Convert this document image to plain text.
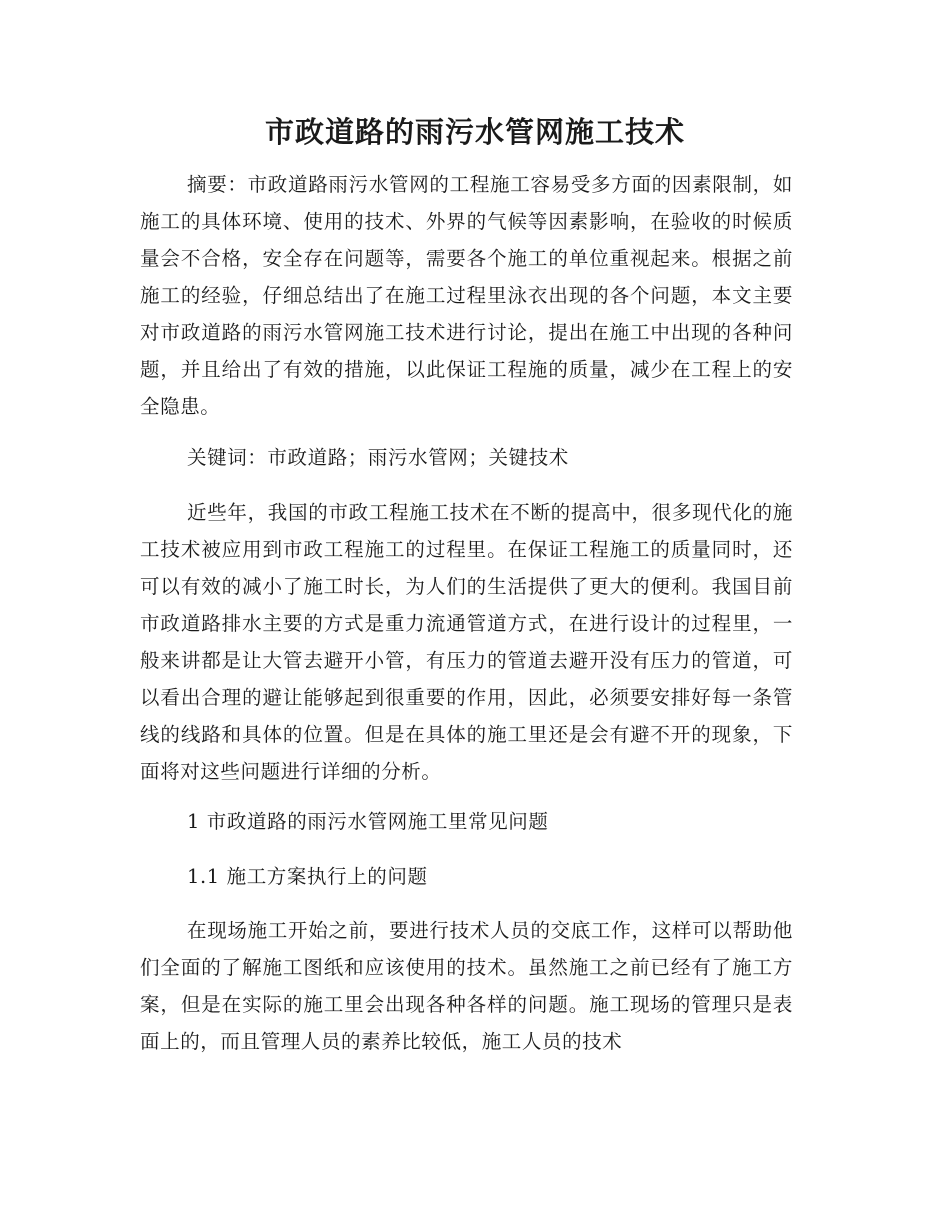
市政道路的雨污水管网施工技术

摘要：市政道路雨污水管网的工程施工容易受多方面的因素限制，如施工的具体环境、使用的技术、外界的气候等因素影响，在验收的时候质量会不合格，安全存在问题等，需要各个施工的单位重视起来。根据之前施工的经验，仔细总结出了在施工过程里泳衣出现的各个问题，本文主要对市政道路的雨污水管网施工技术进行讨论，提出在施工中出现的各种问题，并且给出了有效的措施，以此保证工程施的质量，减少在工程上的安全隐患。

关键词：市政道路；雨污水管网；关键技术

近些年，我国的市政工程施工技术在不断的提高中，很多现代化的施工技术被应用到市政工程施工的过程里。在保证工程施工的质量同时，还可以有效的减小了施工时长，为人们的生活提供了更大的便利。我国目前市政道路排水主要的方式是重力流通管道方式，在进行设计的过程里，一般来讲都是让大管去避开小管，有压力的管道去避开没有压力的管道，可以看出合理的避让能够起到很重要的作用，因此，必须要安排好每一条管线的线路和具体的位置。但是在具体的施工里还是会有避不开的现象，下面将对这些问题进行详细的分析。

1 市政道路的雨污水管网施工里常见问题

1.1 施工方案执行上的问题

在现场施工开始之前，要进行技术人员的交底工作，这样可以帮助他们全面的了解施工图纸和应该使用的技术。虽然施工之前已经有了施工方案，但是在实际的施工里会出现各种各样的问题。施工现场的管理只是表面上的，而且管理人员的素养比较低，施工人员的技术
